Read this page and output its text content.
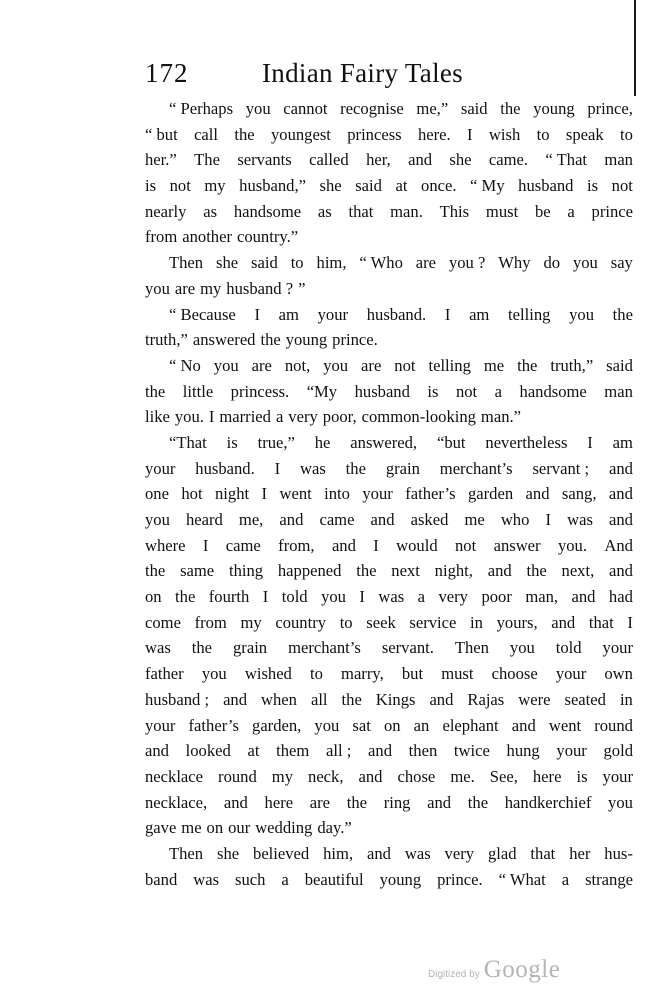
172	Indian Fairy Tales
“ Perhaps you cannot recognise me,” said the young prince,
“ but call the youngest princess here. I wish to speak to
her.” The servants called her, and she came. “ That man
is not my husband,” she said at once. “ My husband is not
nearly as handsome as that man. This must be a prince
from another country.”
Then she said to him, “ Who are you ? Why do you say
you are my husband ? ”
“ Because I am your husband. I am telling you the
truth,” answered the young prince.
“ No you are not, you are not telling me the truth,” said
the little princess. “My husband is not a handsome man
like you. I married a very poor, common-looking man.”
“That is true,” he answered, “but nevertheless I am
your husband. I was the grain merchant’s servant ; and
one hot night I went into your father’s garden and sang, and
you heard me, and came and asked me who I was and
where I came from, and I would not answer you. And
the same thing happened the next night, and the next, and
on the fourth I told you I was a very poor man, and had
come from my country to seek service in yours, and that I
was the grain merchant’s servant. Then you told your
father you wished to marry, but must choose your own
husband ; and when all the Kings and Rajas were seated in
your father’s garden, you sat on an elephant and went round
and looked at them all ; and then twice hung your gold
necklace round my neck, and chose me. See, here is your
necklace, and here are the ring and the handkerchief you
gave me on our wedding day.”
Then she believed him, and was very glad that her hus-
band was such a beautiful young prince. “ What a strange
Digitized by Google
